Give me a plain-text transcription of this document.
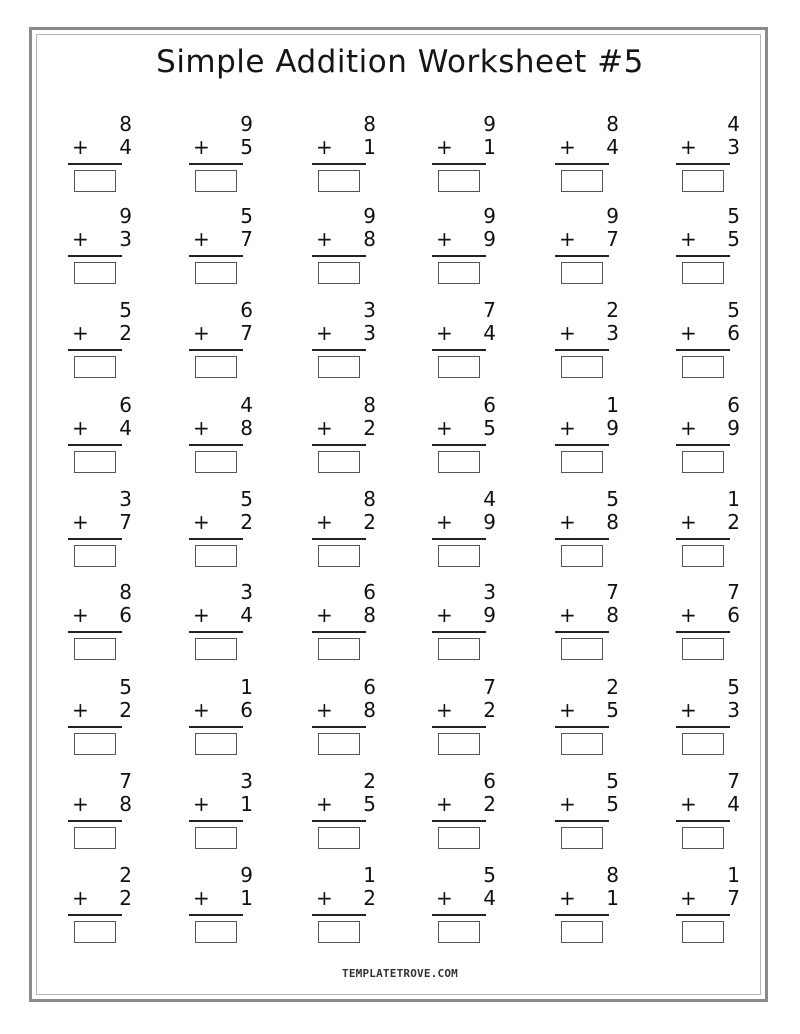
Simple Addition Worksheet #5
8
+ 4
9
+ 5
8
+ 1
9
+ 1
8
+ 4
4
+ 3
9
+ 3
5
+ 7
9
+ 8
9
+ 9
9
+ 7
5
+ 5
5
+ 2
6
+ 7
3
+ 3
7
+ 4
2
+ 3
5
+ 6
6
+ 4
4
+ 8
8
+ 2
6
+ 5
1
+ 9
6
+ 9
3
+ 7
5
+ 2
8
+ 2
4
+ 9
5
+ 8
1
+ 2
8
+ 6
3
+ 4
6
+ 8
3
+ 9
7
+ 8
7
+ 6
5
+ 2
1
+ 6
6
+ 8
7
+ 2
2
+ 5
5
+ 3
7
+ 8
3
+ 1
2
+ 5
6
+ 2
5
+ 5
7
+ 4
2
+ 2
9
+ 1
1
+ 2
5
+ 4
8
+ 1
1
+ 7
TEMPLATETROVE.COM
